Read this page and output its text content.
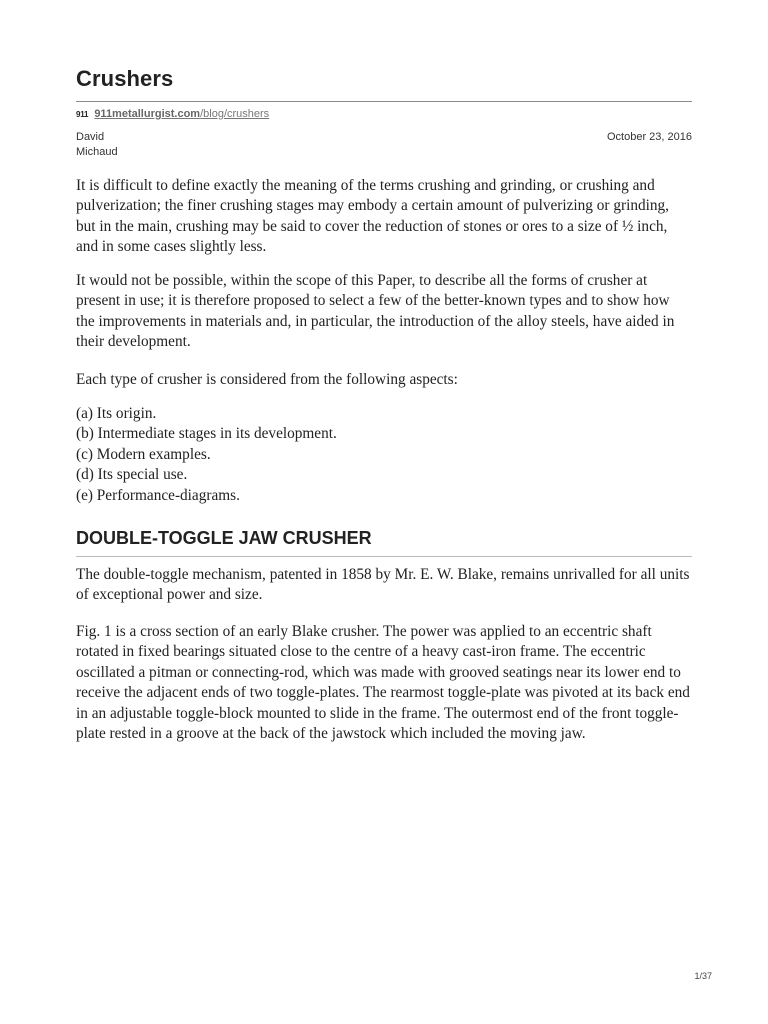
Crushers
911 911metallurgist.com/blog/crushers
David Michaud
October 23, 2016

It is difficult to define exactly the meaning of the terms crushing and grinding, or crushing and pulverization; the finer crushing stages may embody a certain amount of pulverizing or grinding, but in the main, crushing may be said to cover the reduction of stones or ores to a size of ½ inch, and in some cases slightly less.

It would not be possible, within the scope of this Paper, to describe all the forms of crusher at present in use; it is therefore proposed to select a few of the better-known types and to show how the improvements in materials and, in particular, the introduction of the alloy steels, have aided in their development.

Each type of crusher is considered from the following aspects:

(a) Its origin.
(b) Intermediate stages in its development.
(c) Modern examples.
(d) Its special use.
(e) Performance-diagrams.
DOUBLE-TOGGLE JAW CRUSHER

The double-toggle mechanism, patented in 1858 by Mr. E. W. Blake, remains unrivalled for all units of exceptional power and size.

Fig. 1 is a cross section of an early Blake crusher. The power was applied to an eccentric shaft rotated in fixed bearings situated close to the centre of a heavy cast-iron frame. The eccentric oscillated a pitman or connecting-rod, which was made with grooved seatings near its lower end to receive the adjacent ends of two toggle-plates. The rearmost toggle-plate was pivoted at its back end in an adjustable toggle-block mounted to slide in the frame. The outermost end of the front toggle-plate rested in a groove at the back of the jawstock which included the moving jaw.

1/37
